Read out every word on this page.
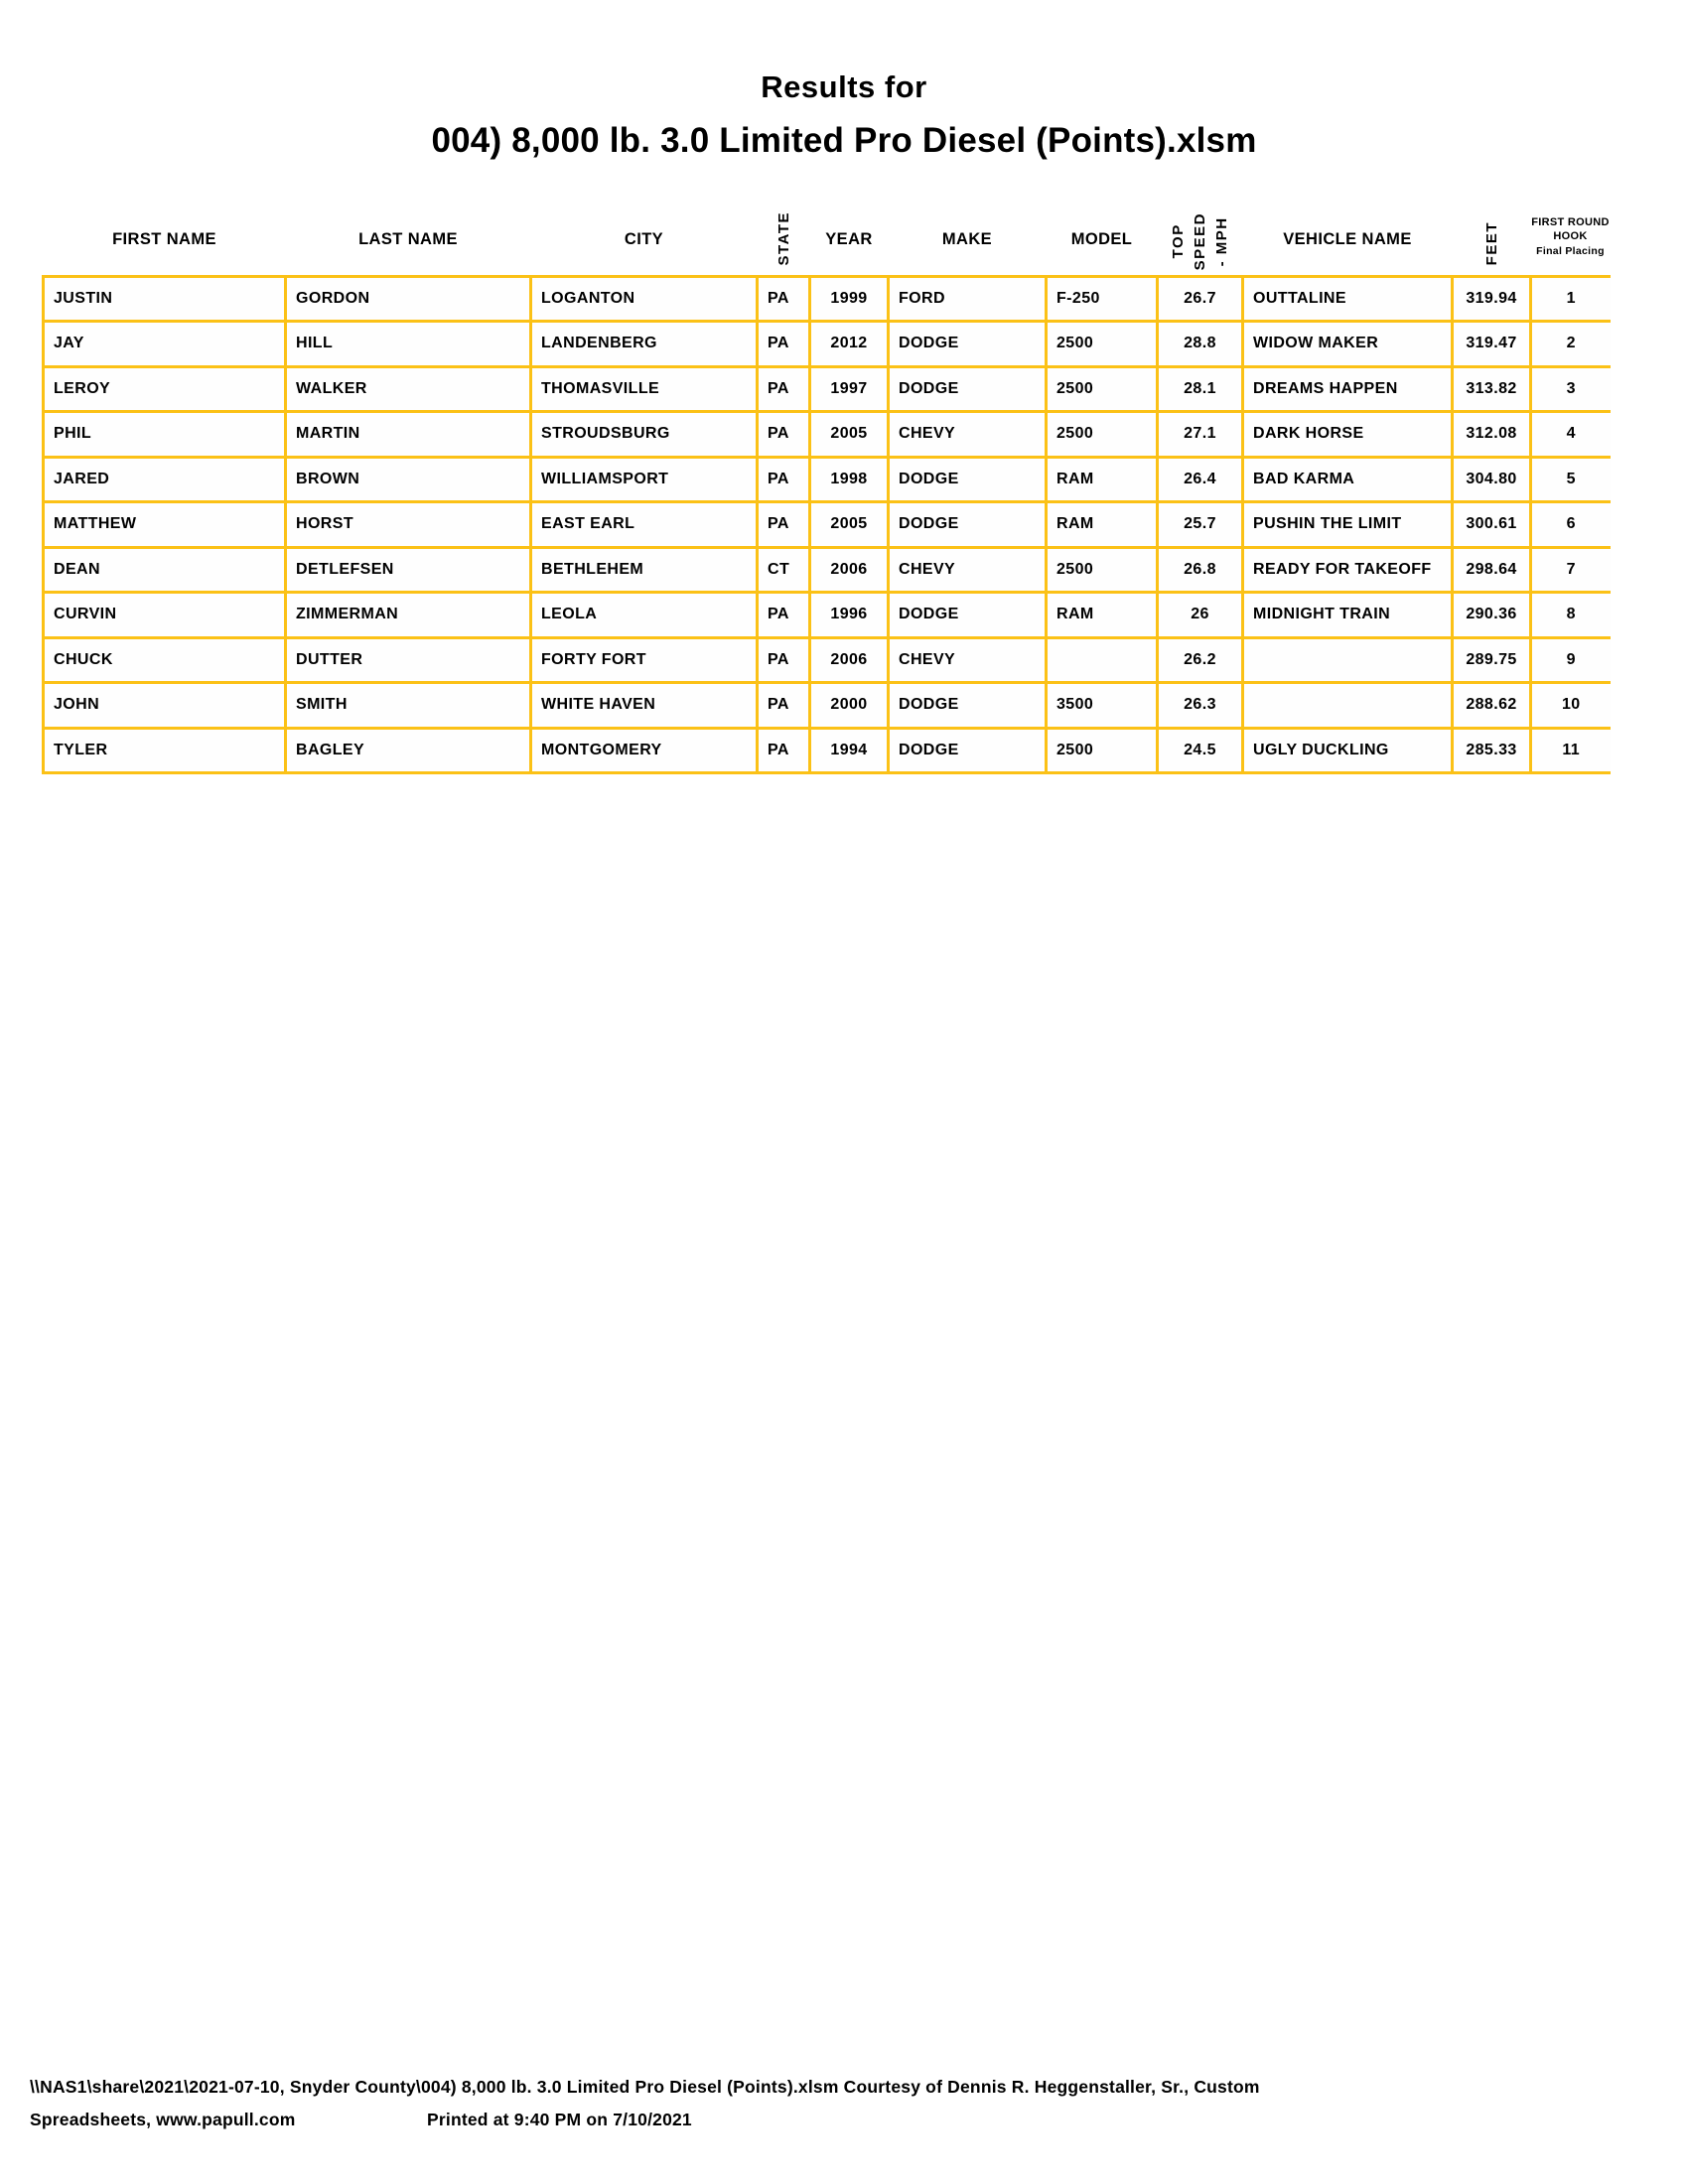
Results for
004) 8,000 lb. 3.0 Limited Pro Diesel (Points).xlsm
FIRST NAME	LAST NAME	CITY	STATE	YEAR	MAKE	MODEL	TOP SPEED - MPH	VEHICLE NAME	FEET	FIRST ROUND
HOOK
Final Placing

JUSTIN	GORDON	LOGANTON	PA	1999	FORD	F-250	26.7	OUTTALINE	319.94	1
JAY	HILL	LANDENBERG	PA	2012	DODGE	2500	28.8	WIDOW MAKER	319.47	2
LEROY	WALKER	THOMASVILLE	PA	1997	DODGE	2500	28.1	DREAMS HAPPEN	313.82	3
PHIL	MARTIN	STROUDSBURG	PA	2005	CHEVY	2500	27.1	DARK HORSE	312.08	4
JARED	BROWN	WILLIAMSPORT	PA	1998	DODGE	RAM	26.4	BAD KARMA	304.80	5
MATTHEW	HORST	EAST EARL	PA	2005	DODGE	RAM	25.7	PUSHIN THE LIMIT	300.61	6
DEAN	DETLEFSEN	BETHLEHEM	CT	2006	CHEVY	2500	26.8	READY FOR TAKEOFF	298.64	7
CURVIN	ZIMMERMAN	LEOLA	PA	1996	DODGE	RAM	26	MIDNIGHT TRAIN	290.36	8
CHUCK	DUTTER	FORTY FORT	PA	2006	CHEVY		26.2		289.75	9
JOHN	SMITH	WHITE HAVEN	PA	2000	DODGE	3500	26.3		288.62	10
TYLER	BAGLEY	MONTGOMERY	PA	1994	DODGE	2500	24.5	UGLY DUCKLING	285.33	11
\\NAS1\share\2021\2021-07-10, Snyder County\004) 8,000 lb. 3.0 Limited Pro Diesel (Points).xlsm Courtesy of Dennis R. Heggenstaller, Sr., Custom
Spreadsheets, www.papull.com	Printed at 9:40 PM on 7/10/2021
